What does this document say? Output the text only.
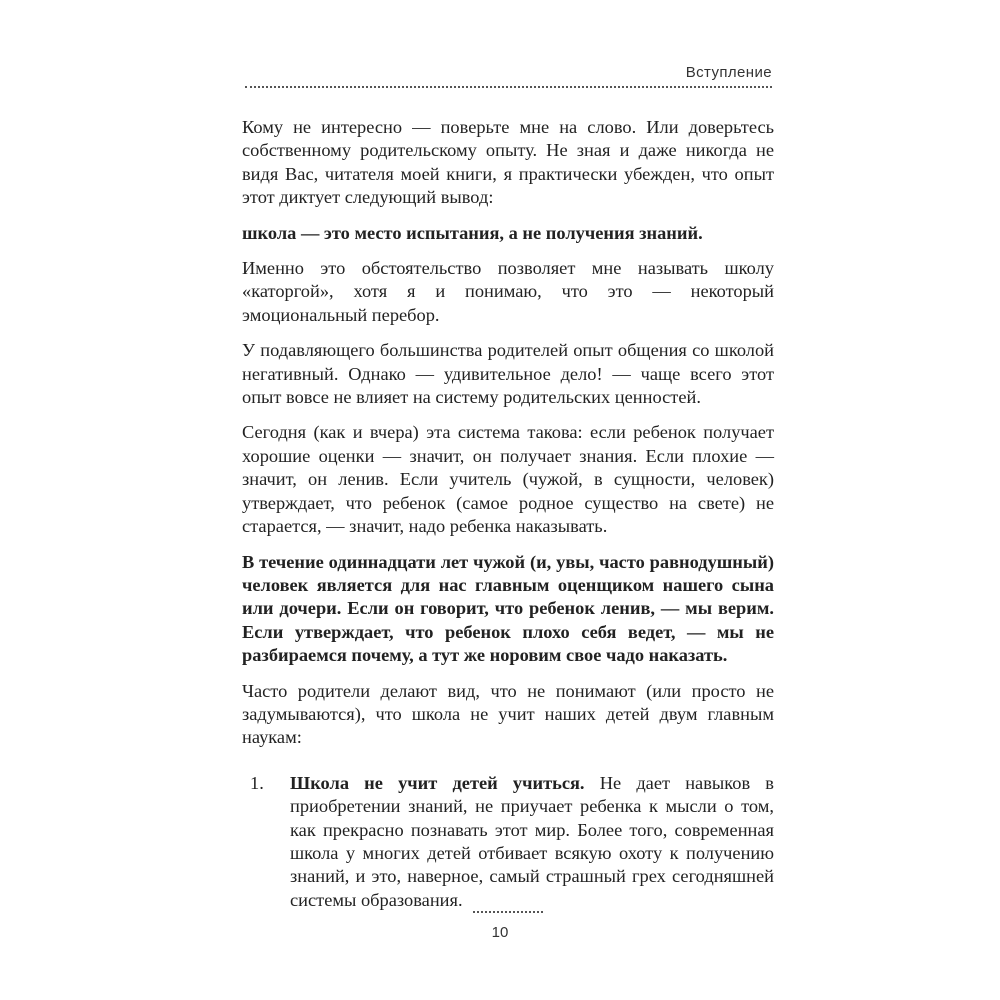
Вступление

Кому не интересно — поверьте мне на слово. Или доверьтесь собственному родительскому опыту. Не зная и даже никогда не видя Вас, читателя моей книги, я практически убежден, что опыт этот диктует следующий вывод:

школа — это место испытания, а не получения знаний.

Именно это обстоятельство позволяет мне называть школу «каторгой», хотя я и понимаю, что это — некоторый эмоциональный перебор.

У подавляющего большинства родителей опыт общения со школой негативный. Однако — удивительное дело! — чаще всего этот опыт вовсе не влияет на систему родительских ценностей.

Сегодня (как и вчера) эта система такова: если ребенок получает хорошие оценки — значит, он получает знания. Если плохие — значит, он ленив. Если учитель (чужой, в сущности, человек) утверждает, что ребенок (самое родное существо на свете) не старается, — значит, надо ребенка наказывать.

В течение одиннадцати лет чужой (и, увы, часто равнодушный) человек является для нас главным оценщиком нашего сына или дочери. Если он говорит, что ребенок ленив, — мы верим. Если утверждает, что ребенок плохо себя ведет, — мы не разбираемся почему, а тут же норовим свое чадо наказать.

Часто родители делают вид, что не понимают (или просто не задумываются), что школа не учит наших детей двум главным наукам:

1. Школа не учит детей учиться. Не дает навыков в приобретении знаний, не приучает ребенка к мысли о том, как прекрасно познавать этот мир. Более того, современная школа у многих детей отбивает всякую охоту к получению знаний, и это, наверное, самый страшный грех сегодняшней системы образования.
10
